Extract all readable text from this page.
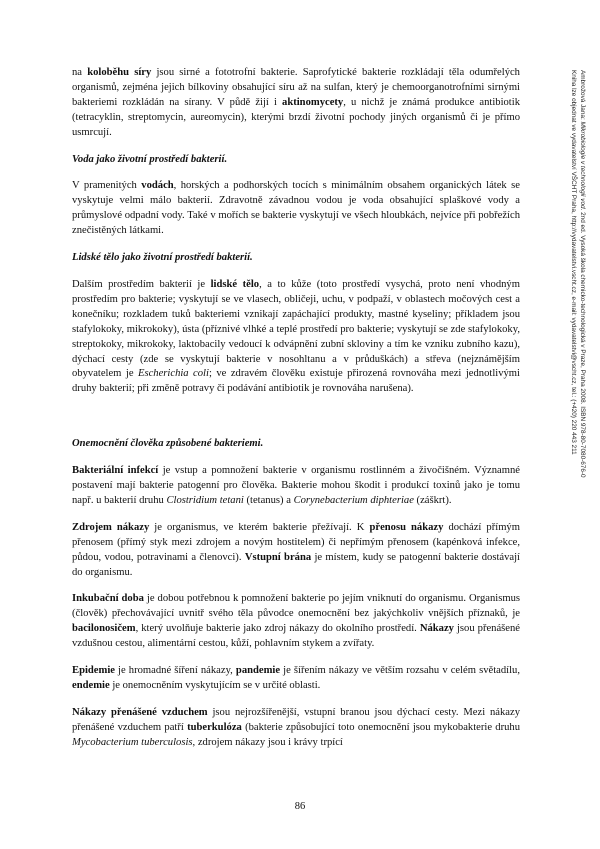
na koloběhu síry jsou sirné a fototrofní bakterie. Saprofytické bakterie rozkládají těla odumřelých organismů, zejména jejich bílkoviny obsahující síru až na sulfan, který je chemoorganotrofními sirnými bakteriemi rozkládán na sírany. V půdě žijí i aktinomycety, u nichž je známá produkce antibiotik (tetracyklin, streptomycin, aureomycin), kterými brzdí životní pochody jiných organismů či je přímo usmrcují.

Voda jako životní prostředí bakterií.

V pramenitých vodách, horských a podhorských tocích s minimálním obsahem organických látek se vyskytuje velmi málo bakterií. Zdravotně závadnou vodou je voda obsahující splaškové vody a průmyslové odpadní vody. Také v mořích se bakterie vyskytují ve všech hloubkách, nejvíce při pobřežích znečistěných látkami.

Lidské tělo jako životní prostředí bakterií.

Dalším prostředím bakterií je lidské tělo, a to kůže (toto prostředí vysychá, proto není vhodným prostředím pro bakterie; vyskytují se ve vlasech, obličeji, uchu, v podpaží, v oblastech močových cest a konečníku; rozkladem tuků bakteriemi vznikají zapáchající produkty, mastné kyseliny; příkladem jsou stafylokoky, mikrokoky), ústa (příznivé vlhké a teplé prostředí pro bakterie; vyskytují se zde stafylokoky, streptokoky, mikrokoky, laktobacily vedoucí k odvápnění zubní skloviny a tím ke vzniku zubního kazu), dýchací cesty (zde se vyskytují bakterie v nosohltanu a v průduškách) a střeva (nejznámějším obyvatelem je Escherichia coli; ve zdravém člověku existuje přirozená rovnováha mezi jednotlivými druhy bakterií; při změně potravy či podávání antibiotik je rovnováha narušena).

Onemocnění člověka způsobené bakteriemi.

Bakteriální infekcí je vstup a pomnožení bakterie v organismu rostlinném a živočišném. Významné postavení mají bakterie patogenní pro člověka. Bakterie mohou škodit i produkcí toxinů jako je tomu např. u bakterií druhu Clostridium tetani (tetanus) a Corynebacterium diphteriae (záškrt).

Zdrojem nákazy je organismus, ve kterém bakterie přežívají. K přenosu nákazy dochází přímým přenosem (přímý styk mezi zdrojem a novým hostitelem) či nepřímým přenosem (kapénková infekce, půdou, vodou, potravinami a členovci). Vstupní brána je místem, kudy se patogenní bakterie dostávají do organismu.

Inkubační doba je dobou potřebnou k pomnožení bakterie po jejím vniknutí do organismu. Organismus (člověk) přechovávající uvnitř svého těla původce onemocnění bez jakýchkoliv vnějších příznaků, je bacilonosičem, který uvolňuje bakterie jako zdroj nákazy do okolního prostředí. Nákazy jsou přenášené vzdušnou cestou, alimentární cestou, kůží, pohlavním stykem a zvířaty.

Epidemie je hromadné šíření nákazy, pandemie je šířením nákazy ve větším rozsahu v celém světadílu, endemie je onemocněním vyskytujícím se v určité oblasti.

Nákazy přenášené vzduchem jsou nejrozšířenější, vstupní branou jsou dýchací cesty. Mezi nákazy přenášené vzduchem patří tuberkulóza (bakterie způsobující toto onemocnění jsou mykobakterie druhu Mycobacterium tuberculosis, zdrojem nákazy jsou i krávy trpící

Ambrožová Jana: Mikrobiologie v technologii vod. 2nd ed. Vysoká škola chemicko-technologická v Praze, Praha 2008. ISBN 978-80-7080-676-0
Kniha lze objednat ve vydavatelství VŠCHT Praha, http://vydavatelstvi.vscht.cz, e-mail: vydavatelstvi@vscht.cz, tel.: (+420) 220 443 211
86
